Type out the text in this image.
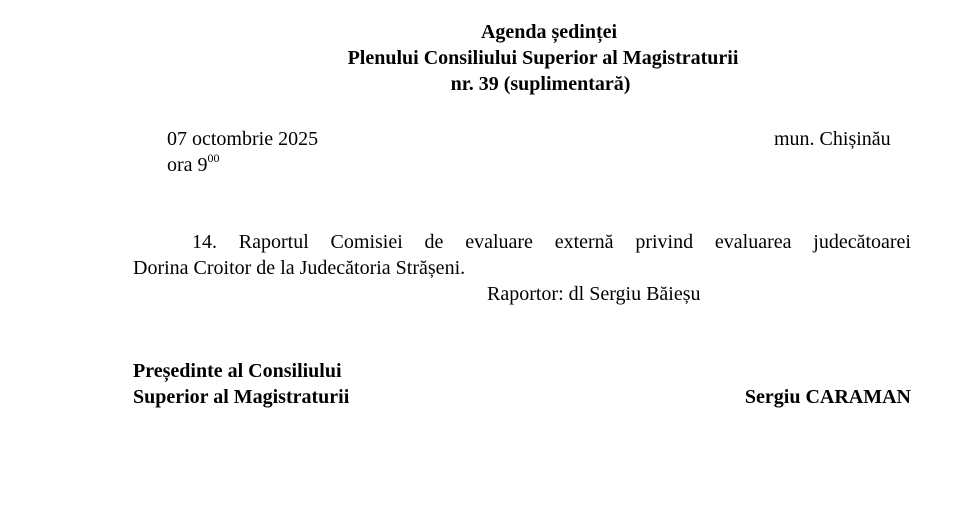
Agenda ședinței
Plenului Consiliului Superior al Magistraturii
nr. 39 (suplimentară)
07 octombrie 2025
ora $9^{00}$
mun. Chișinău
14. Raportul Comisiei de evaluare externă privind evaluarea judecătoarei
Dorina Croitor de la Judecătoria Strășeni.
Raportor: dl Sergiu Băieșu
Președinte al Consiliului
Superior al Magistraturii	Sergiu CARAMAN
